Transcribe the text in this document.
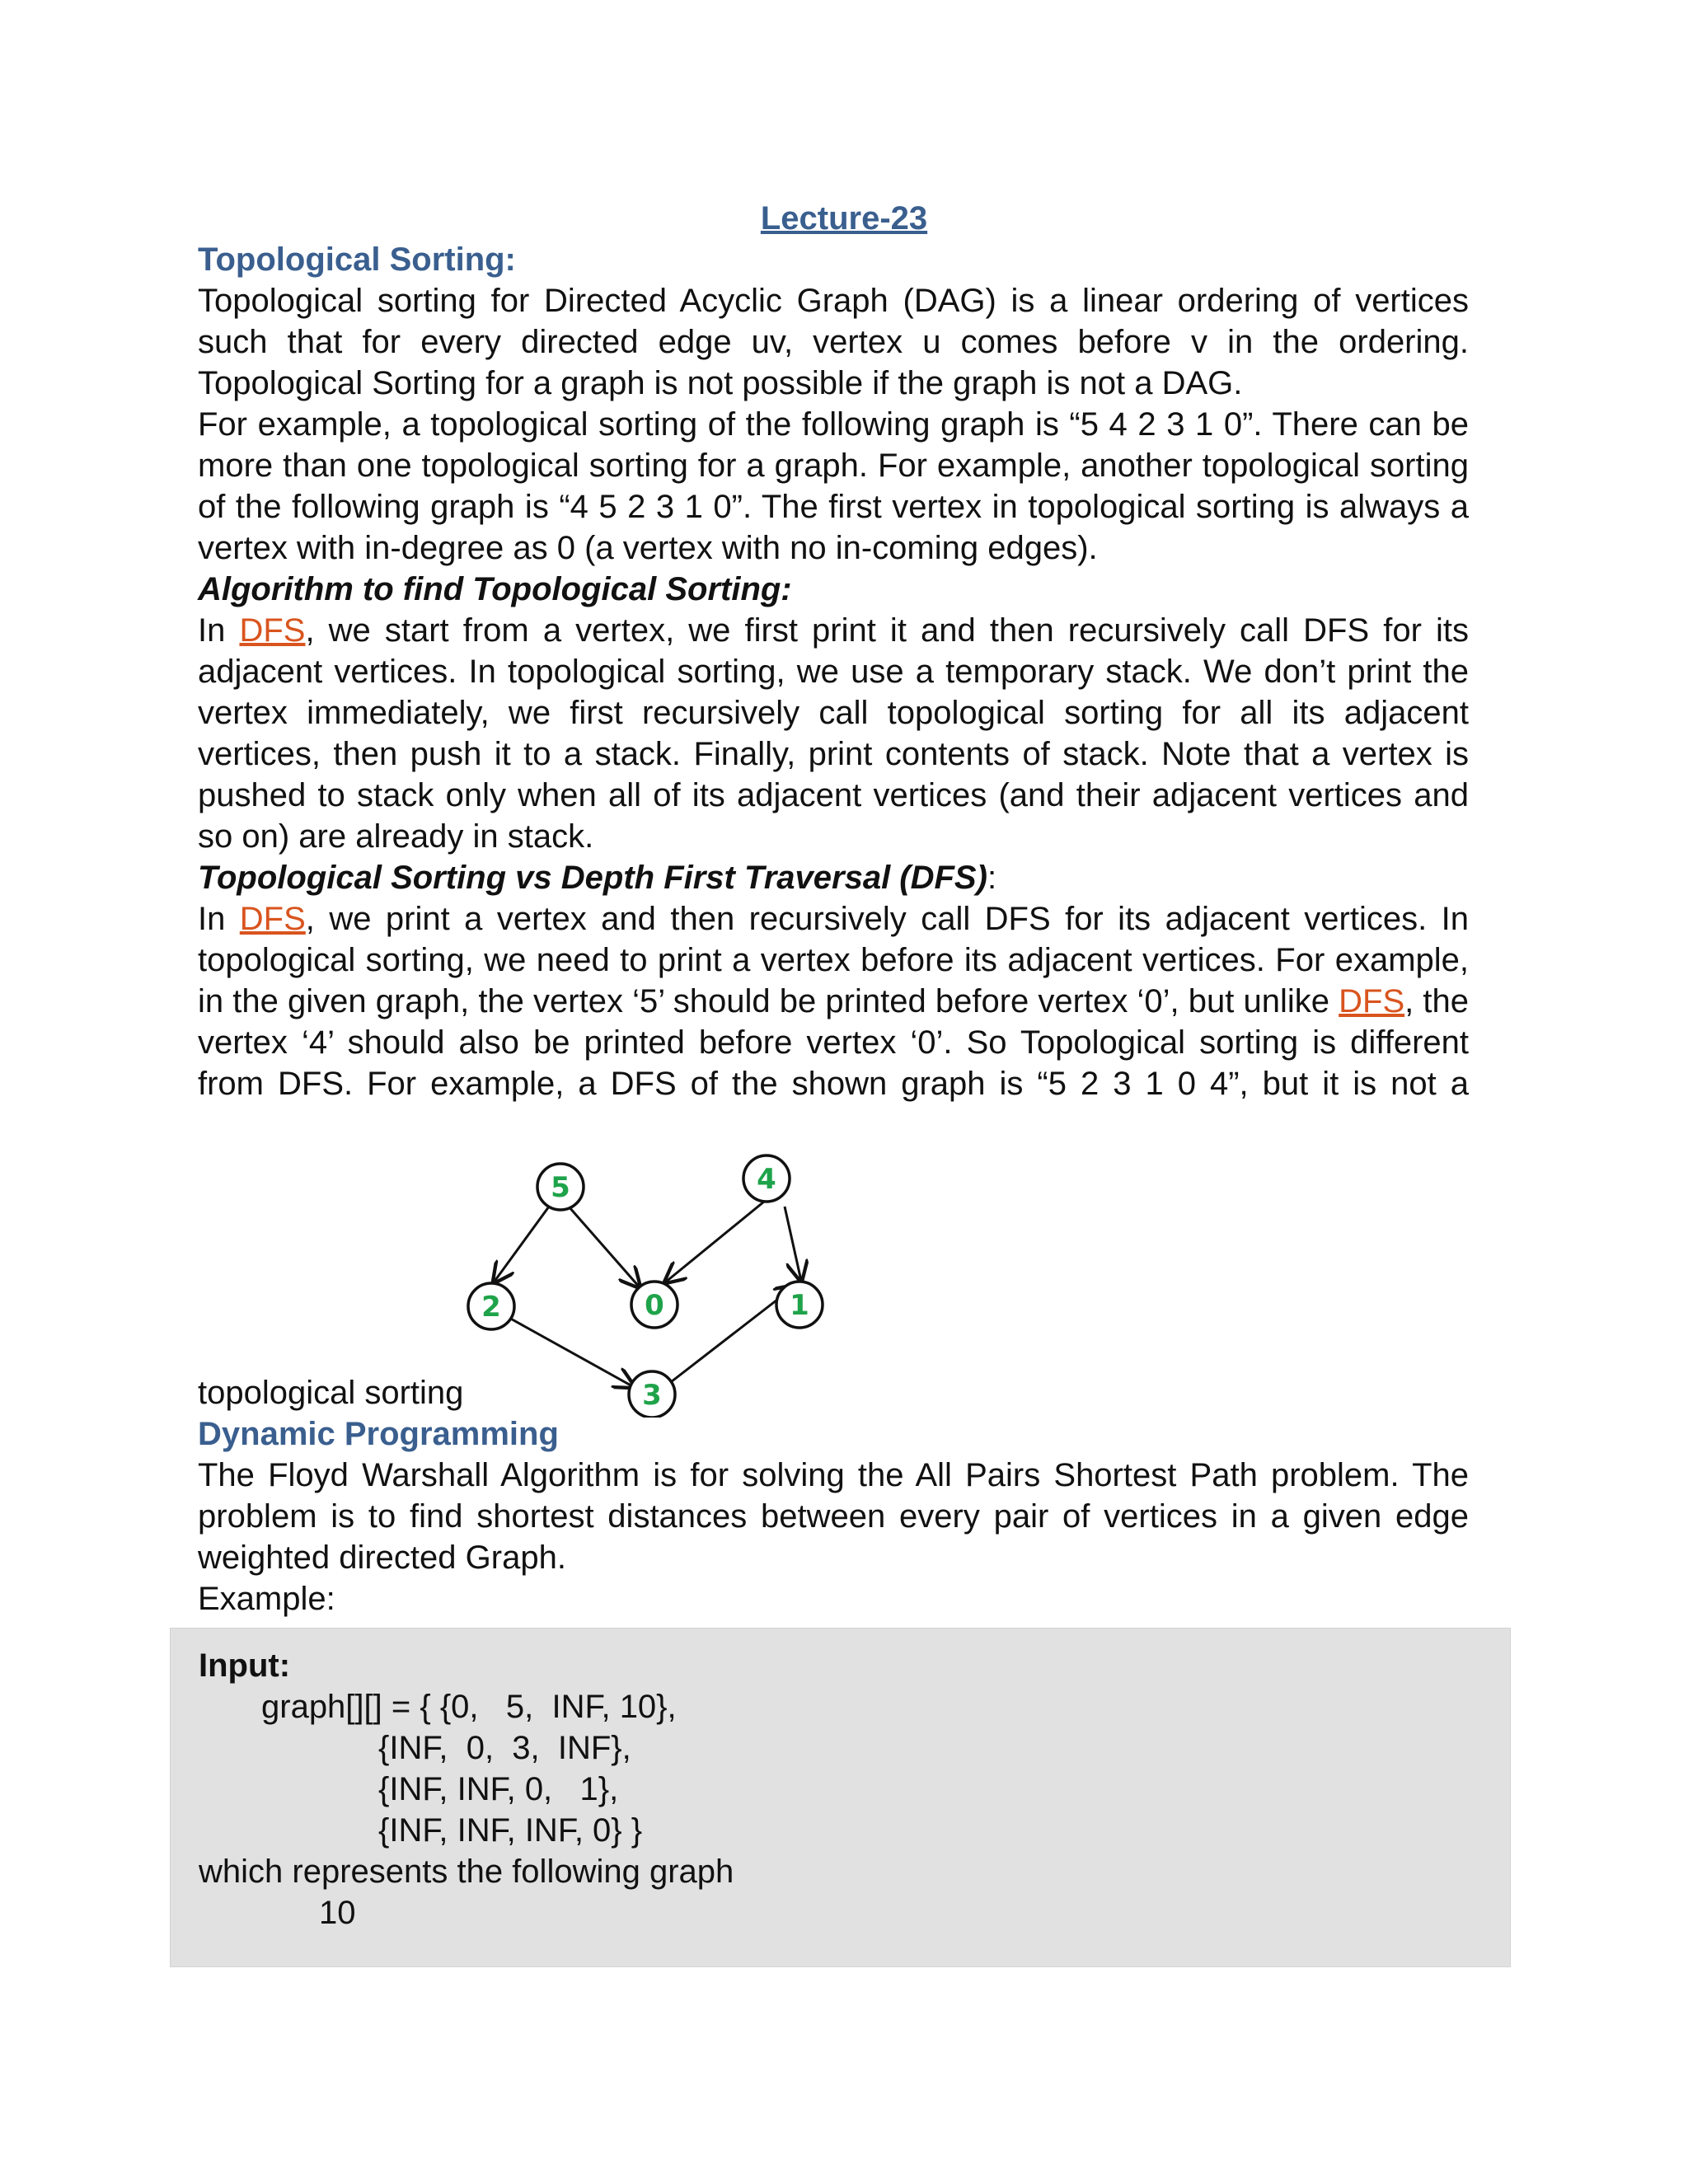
Lecture-23
Topological Sorting:

Topological sorting for Directed Acyclic Graph (DAG) is a linear ordering of vertices such that for every directed edge uv, vertex u comes before v in the ordering. Topological Sorting for a graph is not possible if the graph is not a DAG.

For example, a topological sorting of the following graph is “5 4 2 3 1 0”. There can be more than one topological sorting for a graph. For example, another topological sorting of the following graph is “4 5 2 3 1 0”. The first vertex in topological sorting is always a vertex with in-degree as 0 (a vertex with no in-coming edges).

Algorithm to find Topological Sorting:

In DFS, we start from a vertex, we first print it and then recursively call DFS for its adjacent vertices. In topological sorting, we use a temporary stack. We don’t print the vertex immediately, we first recursively call topological sorting for all its adjacent vertices, then push it to a stack. Finally, print contents of stack. Note that a vertex is pushed to stack only when all of its adjacent vertices (and their adjacent vertices and so on) are already in stack.

Topological Sorting vs Depth First Traversal (DFS):

In DFS, we print a vertex and then recursively call DFS for its adjacent vertices. In topological sorting, we need to print a vertex before its adjacent vertices. For example, in the given graph, the vertex ‘5’ should be printed before vertex ‘0’, but unlike DFS, the vertex ‘4’ should also be printed before vertex ‘0’. So Topological sorting is different from DFS. For example, a DFS of the shown graph is “5 2 3 1 0 4”, but it is not a

5	4
2	0	1
3
topological sorting
Dynamic Programming

The Floyd Warshall Algorithm is for solving the All Pairs Shortest Path problem. The problem is to find shortest distances between every pair of vertices in a given edge weighted directed Graph.

Example:
Input:
graph[][] = { {0,   5,  INF, 10},
{INF,  0,  3,  INF},
{INF, INF, 0,   1},
{INF, INF, INF, 0} }
which represents the following graph
10
